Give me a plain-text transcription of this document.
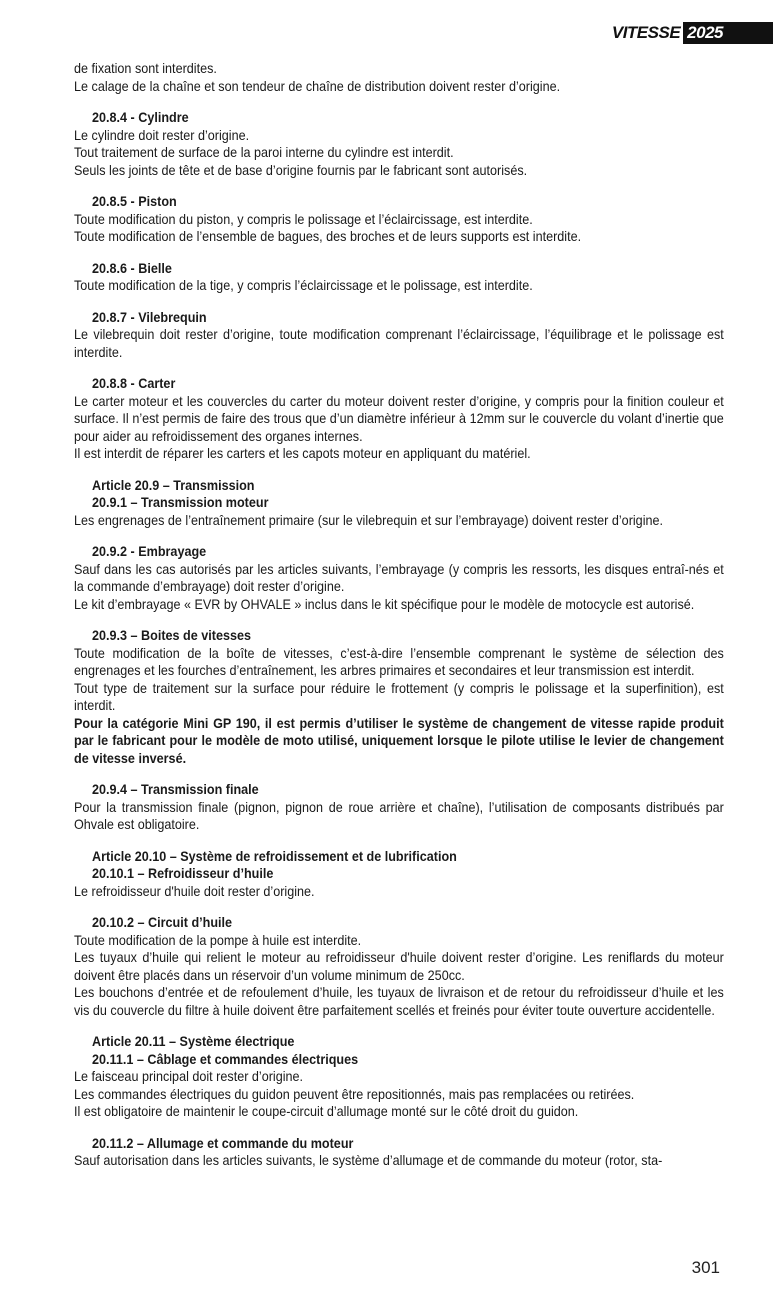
VITESSE 2025

de fixation sont interdites.

Le calage de la chaîne et son tendeur de chaîne de distribution doivent rester d’origine.

20.8.4 - Cylindre

Le cylindre doit rester d’origine.

Tout traitement de surface de la paroi interne du cylindre est interdit.

Seuls les joints de tête et de base d’origine fournis par le fabricant sont autorisés.

20.8.5 - Piston

Toute modification du piston, y compris le polissage et l’éclaircissage, est interdite.

Toute modification de l’ensemble de bagues, des broches et de leurs supports est interdite.

20.8.6 - Bielle

Toute modification de la tige, y compris l’éclaircissage et le polissage, est interdite.

20.8.7 - Vilebrequin

Le vilebrequin doit rester d’origine, toute modification comprenant l’éclaircissage, l’équilibrage et le polissage est interdite.

20.8.8 - Carter

Le carter moteur et les couvercles du carter du moteur doivent rester d’origine, y compris pour la finition couleur et surface. Il n’est permis de faire des trous que d’un diamètre inférieur à 12mm sur le couvercle du volant d’inertie que pour aider au refroidissement des organes internes.

Il est interdit de réparer les carters et les capots moteur en appliquant du matériel.

Article 20.9 – Transmission

20.9.1 – Transmission moteur

Les engrenages de l’entraînement primaire (sur le vilebrequin et sur l’embrayage) doivent rester d’origine.

20.9.2 - Embrayage

Sauf dans les cas autorisés par les articles suivants, l’embrayage (y compris les ressorts, les disques entraî-nés et la commande d’embrayage) doit rester d’origine.

Le kit d’embrayage « EVR by OHVALE » inclus dans le kit spécifique pour le modèle de motocycle est autorisé.

20.9.3 – Boites de vitesses

Toute modification de la boîte de vitesses, c’est-à-dire l’ensemble comprenant le système de sélection des engrenages et les fourches d’entraînement, les arbres primaires et secondaires et leur transmission est interdit.

Tout type de traitement sur la surface pour réduire le frottement (y compris le polissage et la superfinition), est interdit.

Pour la catégorie Mini GP 190, il est permis d’utiliser le système de changement de vitesse rapide produit par le fabricant pour le modèle de moto utilisé, uniquement lorsque le pilote utilise le levier de changement de vitesse inversé.

20.9.4 – Transmission finale

Pour la transmission finale (pignon, pignon de roue arrière et chaîne), l’utilisation de composants distribués par Ohvale est obligatoire.

Article 20.10 – Système de refroidissement et de lubrification

20.10.1 – Refroidisseur d’huile

Le refroidisseur d'huile doit rester d’origine.

20.10.2 – Circuit d’huile

Toute modification de la pompe à huile est interdite.

Les tuyaux d’huile qui relient le moteur au refroidisseur d'huile doivent rester d’origine. Les reniflards du moteur doivent être placés dans un réservoir d’un volume minimum de 250cc.

Les bouchons d’entrée et de refoulement d’huile, les tuyaux de livraison et de retour du refroidisseur d’huile et les vis du couvercle du filtre à huile doivent être parfaitement scellés et freinés pour éviter toute ouverture accidentelle.

Article 20.11 – Système électrique

20.11.1 – Câblage et commandes électriques

Le faisceau principal doit rester d’origine.

Les commandes électriques du guidon peuvent être repositionnés, mais pas remplacées ou retirées.

Il est obligatoire de maintenir le coupe-circuit d’allumage monté sur le côté droit du guidon.

20.11.2 – Allumage et commande du moteur

Sauf autorisation dans les articles suivants, le système d’allumage et de commande du moteur (rotor, sta-

301
